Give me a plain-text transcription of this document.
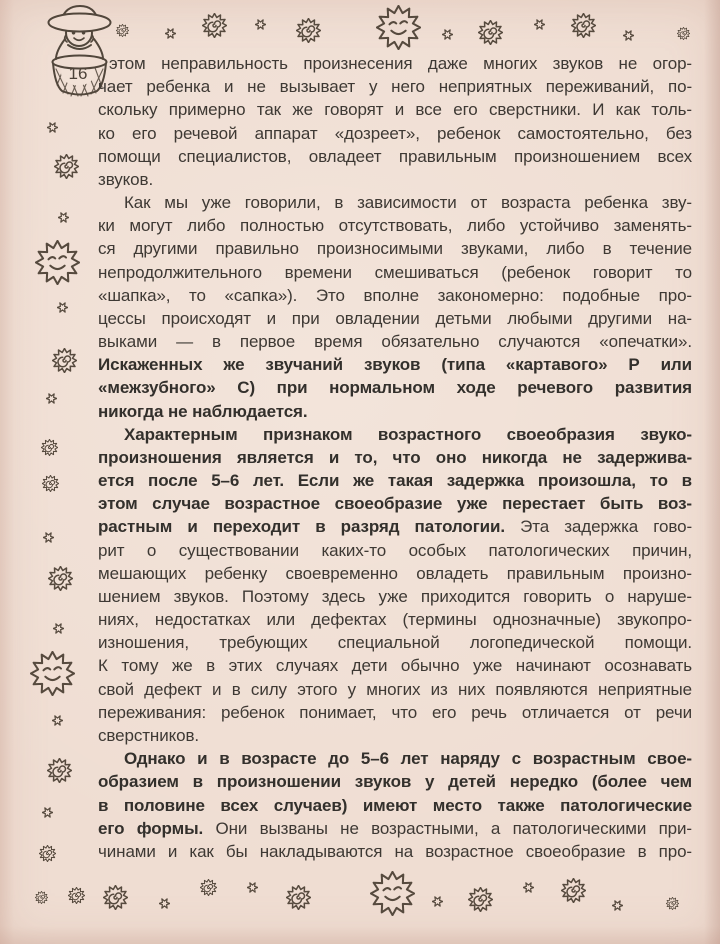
16
этом неправильность произнесения даже многих звуков не огор-
чает ребенка и не вызывает у него неприятных переживаний, по-
скольку примерно так же говорят и все его сверстники. И как толь-
ко его речевой аппарат «дозреет», ребенок самостоятельно, без
помощи специалистов, овладеет правильным произношением всех
звуков.
Как мы уже говорили, в зависимости от возраста ребенка зву-
ки могут либо полностью отсутствовать, либо устойчиво заменять-
ся другими правильно произносимыми звуками, либо в течение
непродолжительного времени смешиваться (ребенок говорит то
«шапка», то «сапка»). Это вполне закономерно: подобные про-
цессы происходят и при овладении детьми любыми другими на-
выками — в первое время обязательно случаются «опечатки».
Искаженных же звучаний звуков (типа «картавого» Р или
«межзубного» С) при нормальном ходе речевого развития
никогда не наблюдается.
Характерным признаком возрастного своеобразия звуко-
произношения является и то, что оно никогда не задержива-
ется после 5–6 лет. Если же такая задержка произошла, то в
этом случае возрастное своеобразие уже перестает быть воз-
растным и переходит в разряд патологии. Эта задержка гово-
рит о существовании каких-то особых патологических причин,
мешающих ребенку своевременно овладеть правильным произно-
шением звуков. Поэтому здесь уже приходится говорить о наруше-
ниях, недостатках или дефектах (термины однозначные) звукопро-
изношения, требующих специальной логопедической помощи.
К тому же в этих случаях дети обычно уже начинают осознавать
свой дефект и в силу этого у многих из них появляются неприятные
переживания: ребенок понимает, что его речь отличается от речи
сверстников.
Однако и в возрасте до 5–6 лет наряду с возрастным свое-
образием в произношении звуков у детей нередко (более чем
в половине всех случаев) имеют место также патологические
его формы. Они вызваны не возрастными, а патологическими при-
чинами и как бы накладываются на возрастное своеобразие в про-
